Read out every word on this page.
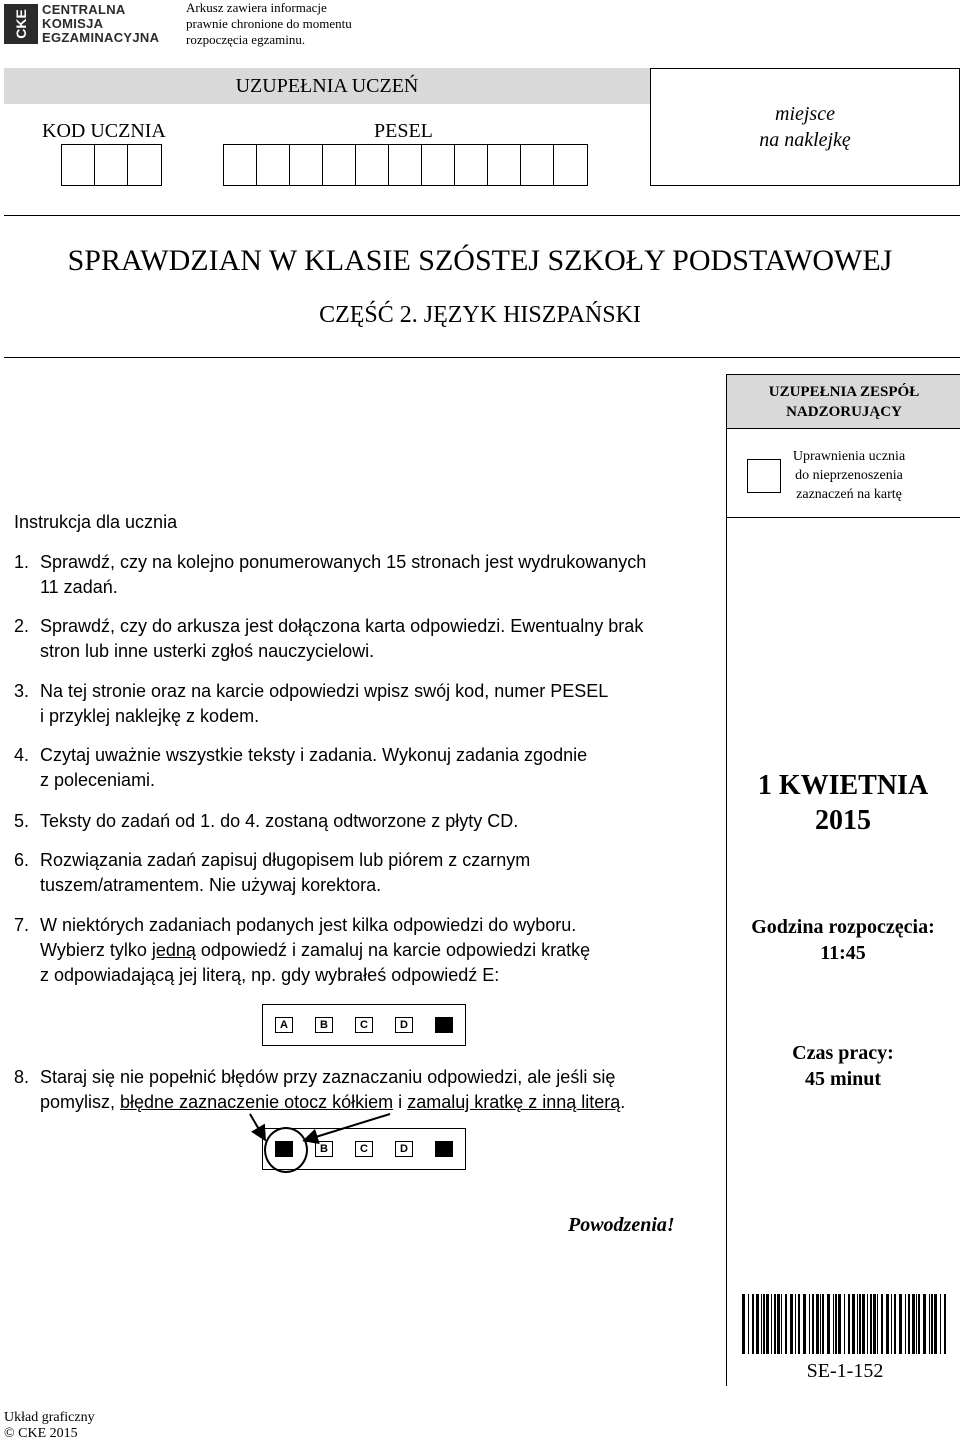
CKE CENTRALNA
KOMISJA
EGZAMINACYJNA
Arkusz zawiera informacje
prawnie chronione do momentu
rozpoczęcia egzaminu.
UZUPEŁNIA UCZEŃ
KOD UCZNIA	PESEL
miejsce
na naklejkę
SPRAWDZIAN W KLASIE SZÓSTEJ SZKOŁY PODSTAWOWEJ
CZĘŚĆ 2. JĘZYK HISZPAŃSKI
UZUPEŁNIA ZESPÓŁ
NADZORUJĄCY
Uprawnienia ucznia
do nieprzenoszenia
zaznaczeń na kartę
1 KWIETNIA
2015
Godzina rozpoczęcia:
11:45
Czas pracy:
45 minut
Instrukcja dla ucznia
1. Sprawdź, czy na kolejno ponumerowanych 15 stronach jest wydrukowanych
11 zadań.
2. Sprawdź, czy do arkusza jest dołączona karta odpowiedzi. Ewentualny brak
stron lub inne usterki zgłoś nauczycielowi.
3. Na tej stronie oraz na karcie odpowiedzi wpisz swój kod, numer PESEL
i przyklej naklejkę z kodem.
4. Czytaj uważnie wszystkie teksty i zadania. Wykonuj zadania zgodnie
z poleceniami.
5. Teksty do zadań od 1. do 4. zostaną odtworzone z płyty CD.
6. Rozwiązania zadań zapisuj długopisem lub piórem z czarnym
tuszem/atramentem. Nie używaj korektora.
7. W niektórych zadaniach podanych jest kilka odpowiedzi do wyboru.
Wybierz tylko jedną odpowiedź i zamaluj na karcie odpowiedzi kratkę
z odpowiadającą jej literą, np. gdy wybrałeś odpowiedź E:
A	B	C	D
8. Staraj się nie popełnić błędów przy zaznaczaniu odpowiedzi, ale jeśli się
pomylisz, błędne zaznaczenie otocz kółkiem i zamaluj kratkę z inną literą.
B	C	D
Powodzenia!
SE-1-152
Układ graficzny
© CKE 2015
